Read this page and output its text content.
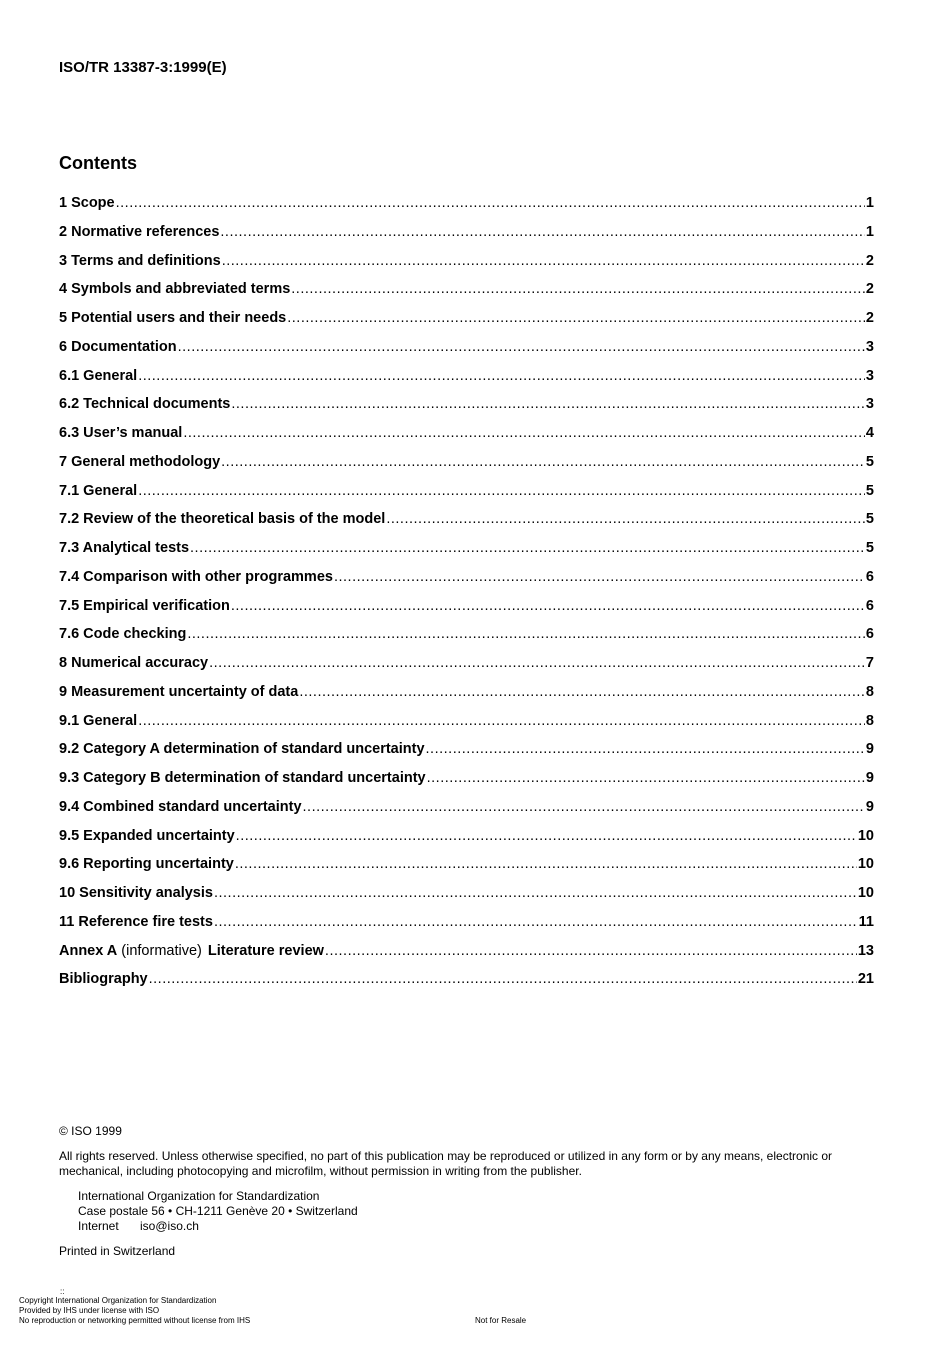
ISO/TR 13387-3:1999(E)
Contents
1 Scope .....	1
2 Normative references .....	1
3 Terms and definitions .....	2
4 Symbols and abbreviated terms .....	2
5 Potential users and their needs .....	2
6 Documentation .....	3
6.1 General .....	3
6.2 Technical documents .....	3
6.3 User’s manual .....	4
7 General methodology .....	5
7.1 General .....	5
7.2 Review of the theoretical basis of the model .....	5
7.3 Analytical tests .....	5
7.4 Comparison with other programmes .....	6
7.5 Empirical verification .....	6
7.6 Code checking .....	6
8 Numerical accuracy .....	7
9 Measurement uncertainty of data .....	8
9.1 General .....	8
9.2 Category A determination of standard uncertainty .....	9
9.3 Category B determination of standard uncertainty .....	9
9.4 Combined standard uncertainty .....	9
9.5 Expanded uncertainty .....	10
9.6 Reporting uncertainty .....	10
10 Sensitivity analysis .....	10
11 Reference fire tests .....	11
Annex A (informative) Literature review .....	13
Bibliography .....	21
© ISO 1999
All rights reserved. Unless otherwise specified, no part of this publication may be reproduced or utilized in any form or by any means, electronic or mechanical, including photocopying and microfilm, without permission in writing from the publisher.
International Organization for Standardization
Case postale 56 • CH-1211 Genève 20 • Switzerland
Internet iso@iso.ch
Printed in Switzerland
::
Copyright International Organization for Standardization
Provided by IHS under license with ISO
No reproduction or networking permitted without license from IHS	Not for Resale
